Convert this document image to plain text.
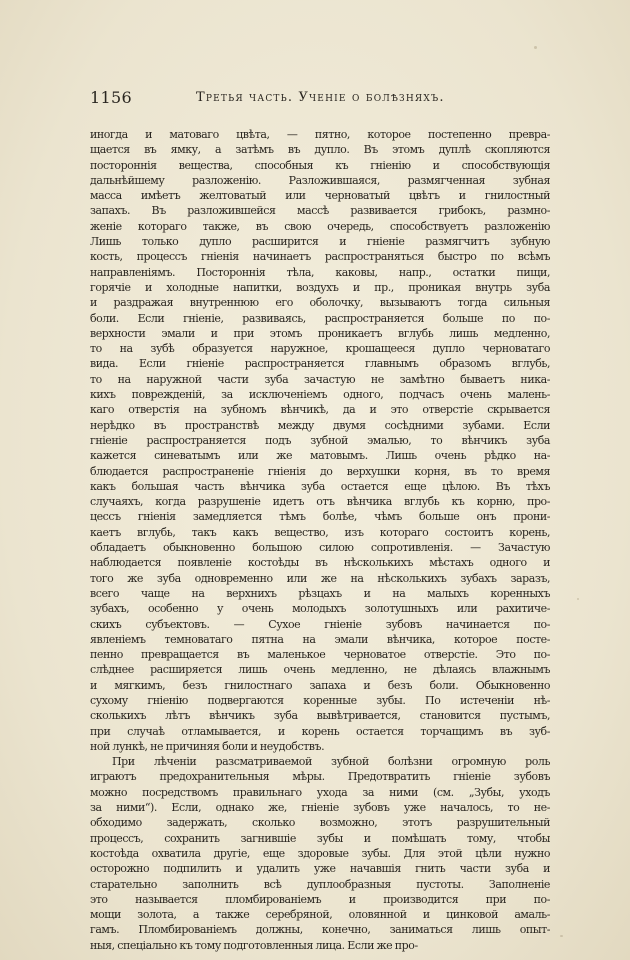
1156	Третья часть. Ученіе о болѣзняхъ.
иногда и матоваго цвѣта, — пятно, которое постепенно превра-
щается въ ямку, а затѣмъ въ дупло. Въ этомъ дуплѣ скопляются
постороннія вещества, способныя къ гніенію и способствующія
дальнѣйшему разложенію. Разложившаяся, размягченная зубная
масса имѣетъ желтоватый или черноватый цвѣтъ и гнилостный
запахъ. Въ разложившейся массѣ развивается грибокъ, размно-
женіе котораго также, въ свою очередь, способствуетъ разложенію
Лишь только дупло расширится и гніеніе размягчитъ зубную
кость, процессъ гніенія начинаетъ распространяться быстро по всѣмъ
направленіямъ. Постороннія тѣла, каковы, напр., остатки пищи,
горячіе и холодные напитки, воздухъ и пр., проникая внутрь зуба
и раздражая внутреннюю его оболочку, вызываютъ тогда сильныя
боли. Если гніеніе, развиваясь, распространяется больше по по-
верхности эмали и при этомъ проникаетъ вглубь лишь медленно,
то на зубѣ образуется наружное, крошащееся дупло черноватаго
вида. Если гніеніе распространяется главнымъ образомъ вглубь,
то на наружной части зуба зачастую не замѣтно бываетъ ника-
кихъ поврежденій, за исключеніемъ одного, подчасъ очень малень-
каго отверстія на зубномъ вѣнчикѣ, да и это отверстіе скрывается
нерѣдко въ пространствѣ между двумя сосѣдними зубами. Если
гніеніе распространяется подъ зубной эмалью, то вѣнчикъ зуба
кажется синеватымъ или же матовымъ. Лишь очень рѣдко на-
блюдается распространеніе гніенія до верхушки корня, въ то время
какъ большая часть вѣнчика зуба остается еще цѣлою. Въ тѣхъ
случаяхъ, когда разрушеніе идетъ отъ вѣнчика вглубь къ корню, про-
цессъ гніенія замедляется тѣмъ болѣе, чѣмъ больше онъ прони-
каетъ вглубь, такъ какъ вещество, изъ котораго состоитъ корень,
обладаетъ обыкновенно большою силою сопротивленія. — Зачастую
наблюдается появленіе костоѣды въ нѣсколькихъ мѣстахъ одного и
того же зуба одновременно или же на нѣсколькихъ зубахъ заразъ,
всего чаще на верхнихъ рѣзцахъ и на малыхъ коренныхъ
зубахъ, особенно у очень молодыхъ золотушныхъ или рахитиче-
скихъ субъектовъ. — Сухое гніеніе зубовъ начинается по-
явленіемъ темноватаго пятна на эмали вѣнчика, которое посте-
пенно превращается въ маленькое черноватое отверстіе. Это по-
слѣднее расширяется лишь очень медленно, не дѣлаясь влажнымъ
и мягкимъ, безъ гнилостнаго запаха и безъ боли. Обыкновенно
сухому гніенію подвергаются коренные зубы. По истеченіи нѣ-
сколькихъ лѣтъ вѣнчикъ зуба вывѣтривается, становится пустымъ,
при случаѣ отламывается, и корень остается торчащимъ въ зуб-
ной лункѣ, не причиняя боли и неудобствъ.
При лѣченіи разсматриваемой зубной болѣзни огромную роль
играютъ предохранительныя мѣры. Предотвратить гніеніе зубовъ
можно посредствомъ правильнаго ухода за ними (см. „Зубы, уходъ
за ними“). Если, однако же, гніеніе зубовъ уже началось, то не-
обходимо задержать, сколько возможно, этотъ разрушительный
процессъ, сохранить загнившіе зубы и помѣшать тому, чтобы
костоѣда охватила другіе, еще здоровые зубы. Для этой цѣли нужно
осторожно подпилить и удалить уже начавшія гнить части зуба и
старательно заполнить всѣ дуплообразныя пустоты. Заполненіе
это называется пломбированіемъ и производится при по-
мощи золота, а также серебряной, оловянной и цинковой амаль-
гамъ. Пломбированіемъ должны, конечно, заниматься лишь опыт-
ныя, спеціально къ тому подготовленныя лица. Если же про-
